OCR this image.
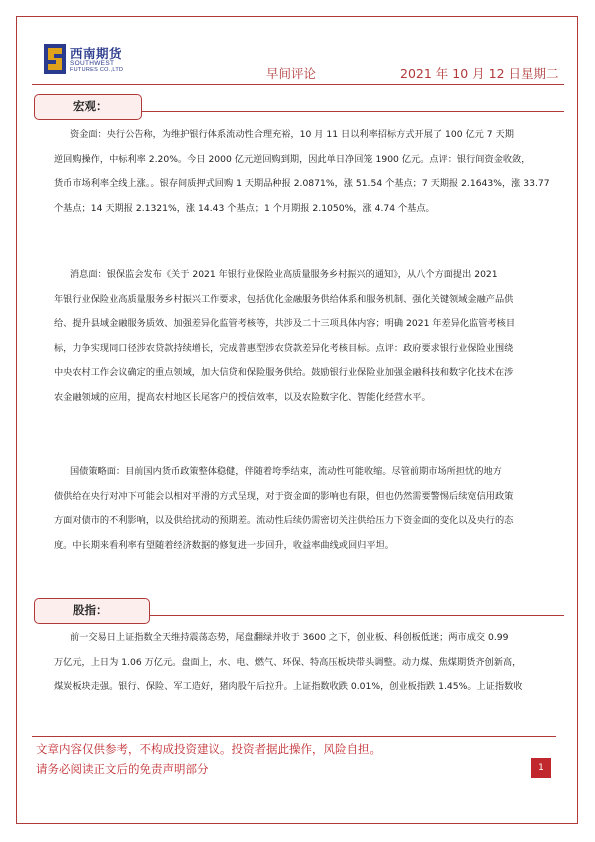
西南期货
SOUTHWEST
FUTURES CO.,LTD	早间评论	2021 年 10 月 12 日星期二
宏观：
资金面：央行公告称，为维护银行体系流动性合理充裕，10 月 11 日以利率招标方式开展了 100 亿元 7 天期
逆回购操作，中标利率 2.20%。今日 2000 亿元逆回购到期，因此单日净回笼 1900 亿元。点评：银行间资金收敛，
货币市场利率全线上涨。。银存间质押式回购 1 天期品种报 2.0871%，涨 51.54 个基点；7 天期报 2.1643%，涨 33.77
个基点；14 天期报 2.1321%，涨 14.43 个基点；1 个月期报 2.1050%，涨 4.74 个基点。
消息面：银保监会发布《关于 2021 年银行业保险业高质量服务乡村振兴的通知》，从八个方面提出 2021
年银行业保险业高质量服务乡村振兴工作要求，包括优化金融服务供给体系和服务机制、强化关键领域金融产品供
给、提升县域金融服务质效、加强差异化监管考核等，共涉及二十三项具体内容；明确 2021 年差异化监管考核目
标，力争实现同口径涉农贷款持续增长，完成普惠型涉农贷款差异化考核目标。点评：政府要求银行业保险业围绕
中央农村工作会议确定的重点领域，加大信贷和保险服务供给。鼓励银行业保险业加强金融科技和数字化技术在涉
农金融领域的应用，提高农村地区长尾客户的授信效率，以及农险数字化、智能化经营水平。
国债策略面：目前国内货币政策整体稳健，伴随着垮季结束，流动性可能收缩。尽管前期市场所担忧的地方
债供给在央行对冲下可能会以相对平滑的方式呈现，对于资金面的影响也有限，但也仍然需要警惕后续宽信用政策
方面对债市的不利影响，以及供给扰动的预期差。流动性后续仍需密切关注供给压力下资金面的变化以及央行的态
度。中长期来看利率有望随着经济数据的修复进一步回升，收益率曲线或回归平坦。
股指：
前一交易日上证指数全天维持震荡态势，尾盘翻绿并收于 3600 之下，创业板、科创板低迷；两市成交 0.99
万亿元，上日为 1.06 万亿元。盘面上，水、电、燃气、环保、特高压板块带头调整。动力煤、焦煤期货齐创新高，
煤炭板块走强。银行、保险、军工造好，猪肉股午后拉升。上证指数收跌 0.01%，创业板指跌 1.45%。上证指数收
文章内容仅供参考，不构成投资建议。投资者据此操作，风险自担。
请务必阅读正文后的免责声明部分	1
